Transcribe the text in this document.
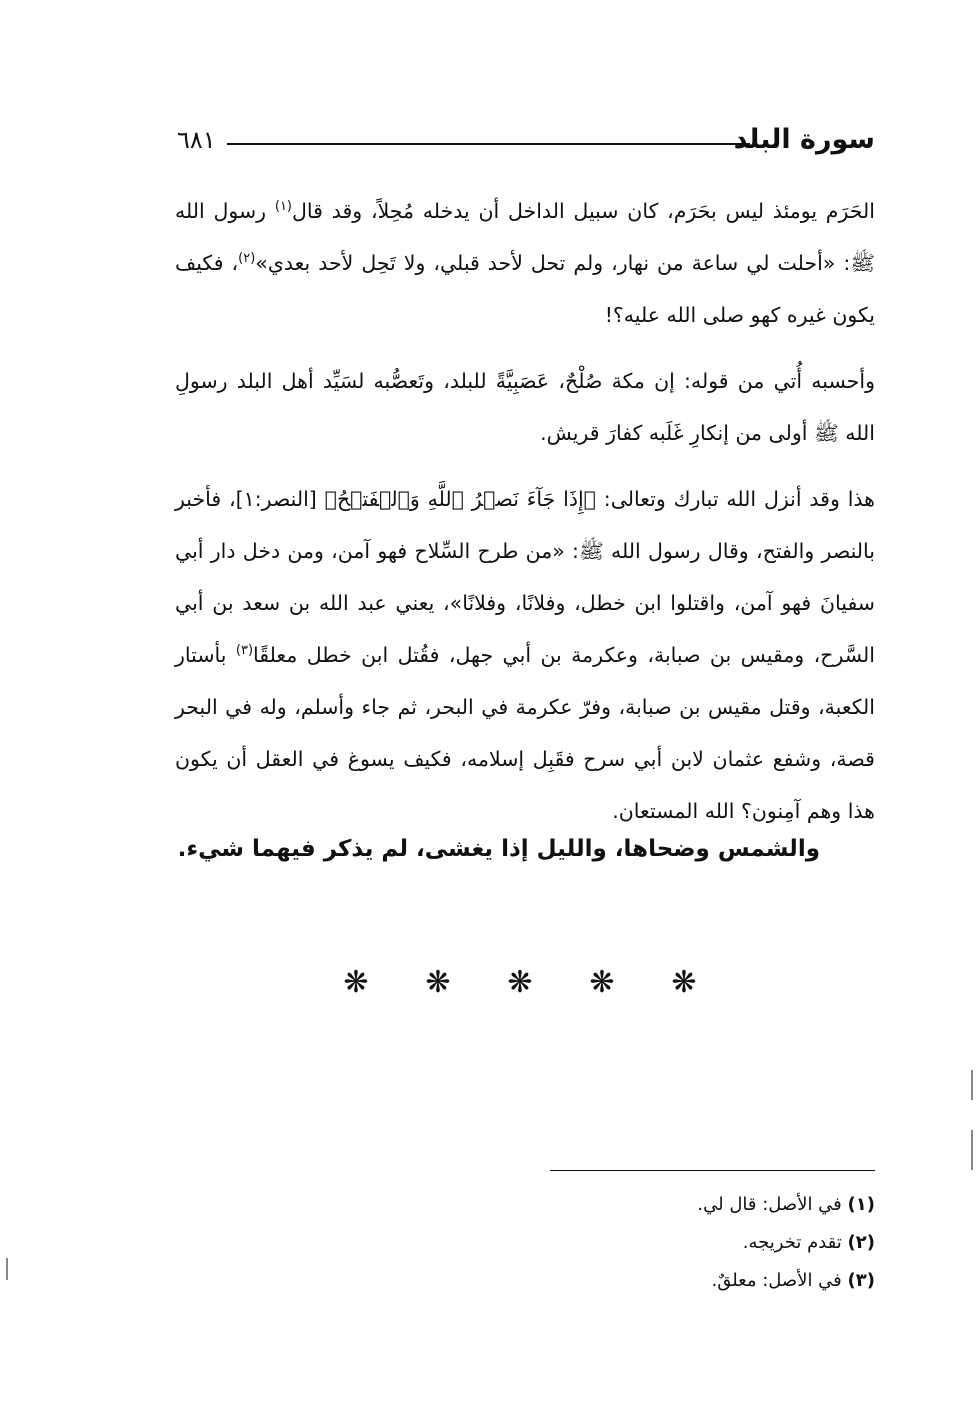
سورة البلد
٦٨١

الحَرَم يومئذ ليس بحَرَم، كان سبيل الداخل أن يدخله مُحِلاً، وقد قال$^{(١)}$ رسول الله ﷺ: «أحلت لي ساعة من نهار، ولم تحل لأحد قبلي، ولا تَحِل لأحد بعدي»$^{(٢)}$، فكيف يكون غيره كهو صلى الله عليه؟!

وأحسبه أُتي من قوله: إن مكة صُلْحٌ، عَصَبِيَّةً للبلد، وتَعصُّبه لسَيِّد أهل البلد رسولِ الله ﷺ أولى من إنكارِ غَلَبه كفارَ قريش.

هذا وقد أنزل الله تبارك وتعالى: ﴿إِذَا جَآءَ نَصۡرُ ٱللَّهِ وَٱلۡفَتۡحُ﴾ [النصر:١]، فأخبر بالنصر والفتح، وقال رسول الله ﷺ: «من طرح السِّلاح فهو آمن، ومن دخل دار أبي سفيانَ فهو آمن، واقتلوا ابن خطل، وفلانًا، وفلانًا»، يعني عبد الله بن سعد بن أبي السَّرح، ومقيس بن صبابة، وعكرمة بن أبي جهل، فقُتل ابن خطل معلقًا$^{(٣)}$ بأستار الكعبة، وقتل مقيس بن صبابة، وفرّ عكرمة في البحر، ثم جاء وأسلم، وله في البحر قصة، وشفع عثمان لابن أبي سرح فقَبِل إسلامه، فكيف يسوغ في العقل أن يكون هذا وهم آمِنون؟ الله المستعان.

والشمس وضحاها، والليل إذا يغشى، لم يذكر فيهما شيء.
❋ ❋ ❋ ❋ ❋
(١) في الأصل: قال لي.
(٢) تقدم تخريجه.
(٣) في الأصل: معلقٌ.
